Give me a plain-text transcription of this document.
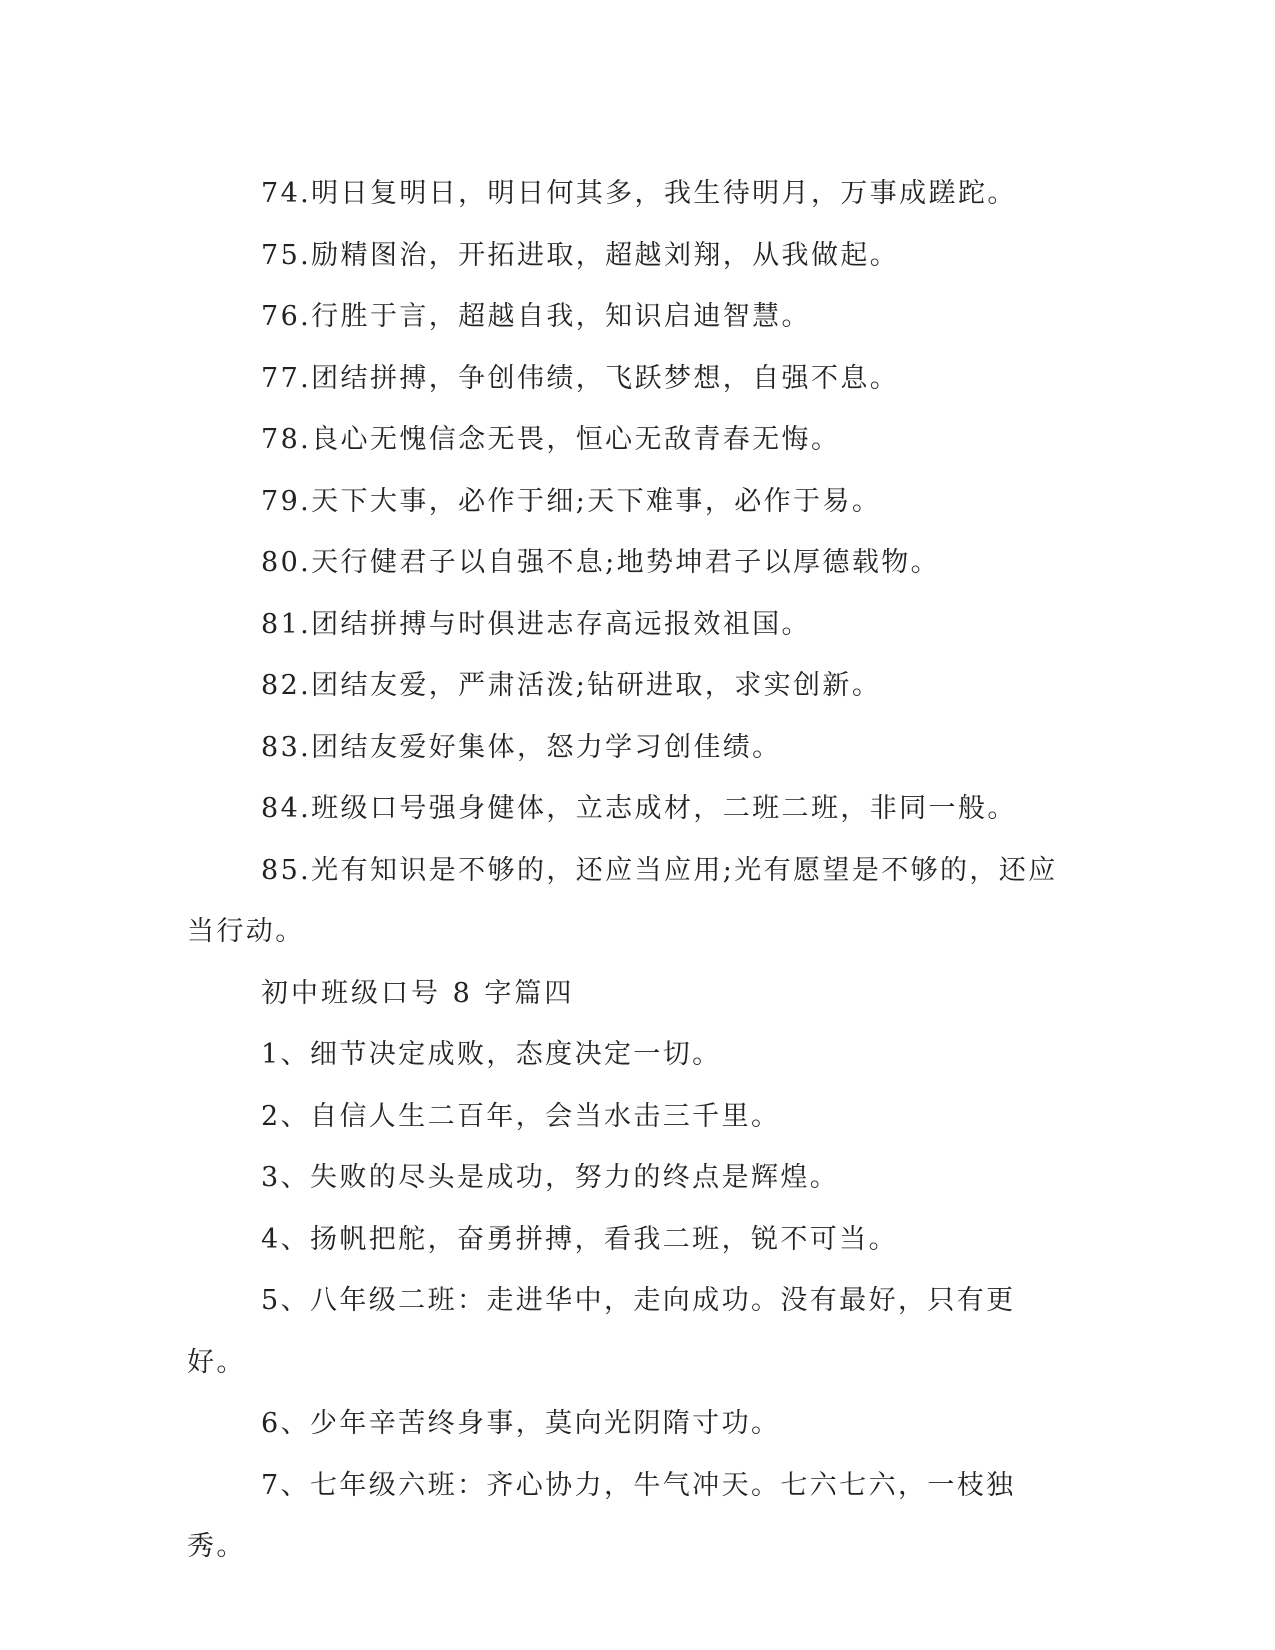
74.明日复明日，明日何其多，我生待明月，万事成蹉跎。

75.励精图治，开拓进取，超越刘翔，从我做起。

76.行胜于言，超越自我，知识启迪智慧。

77.团结拼搏，争创伟绩，飞跃梦想，自强不息。

78.良心无愧信念无畏，恒心无敌青春无悔。

79.天下大事，必作于细;天下难事，必作于易。

80.天行健君子以自强不息;地势坤君子以厚德载物。

81.团结拼搏与时俱进志存高远报效祖国。

82.团结友爱，严肃活泼;钻研进取，求实创新。

83.团结友爱好集体，怒力学习创佳绩。

84.班级口号强身健体，立志成材，二班二班，非同一般。

85.光有知识是不够的，还应当应用;光有愿望是不够的，还应当行动。

初中班级口号 8 字篇四

1、细节决定成败，态度决定一切。

2、自信人生二百年，会当水击三千里。

3、失败的尽头是成功，努力的终点是辉煌。

4、扬帆把舵，奋勇拼搏，看我二班，锐不可当。

5、八年级二班：走进华中，走向成功。没有最好，只有更好。

6、少年辛苦终身事，莫向光阴隋寸功。

7、七年级六班：齐心协力，牛气冲天。七六七六，一枝独秀。
